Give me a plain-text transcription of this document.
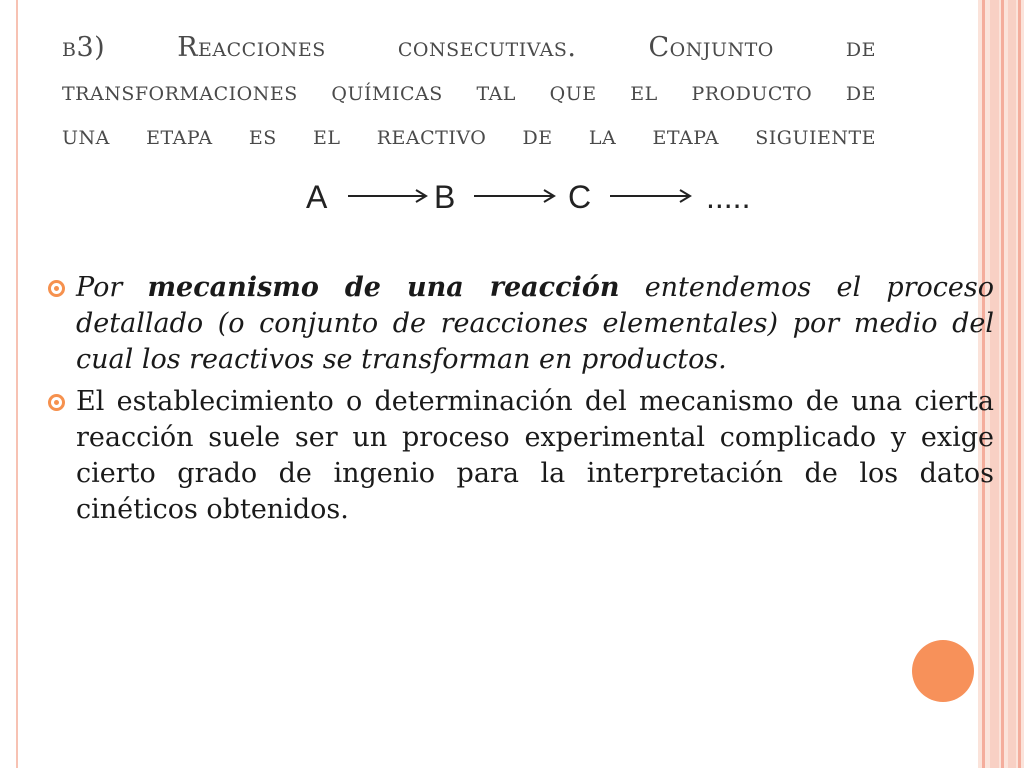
b3) Reacciones consecutivas. Conjunto de
transformaciones químicas tal que el producto de
una etapa es el reactivo de la etapa siguiente
A	B	C	.....
Por mecanismo de una reacción entendemos el proceso detallado (o conjunto de reacciones elementales) por medio del cual los reactivos se transforman en productos.
El establecimiento o determinación del mecanismo de una cierta reacción suele ser un proceso experimental complicado y exige cierto grado de ingenio para la interpretación de los datos cinéticos obtenidos.
